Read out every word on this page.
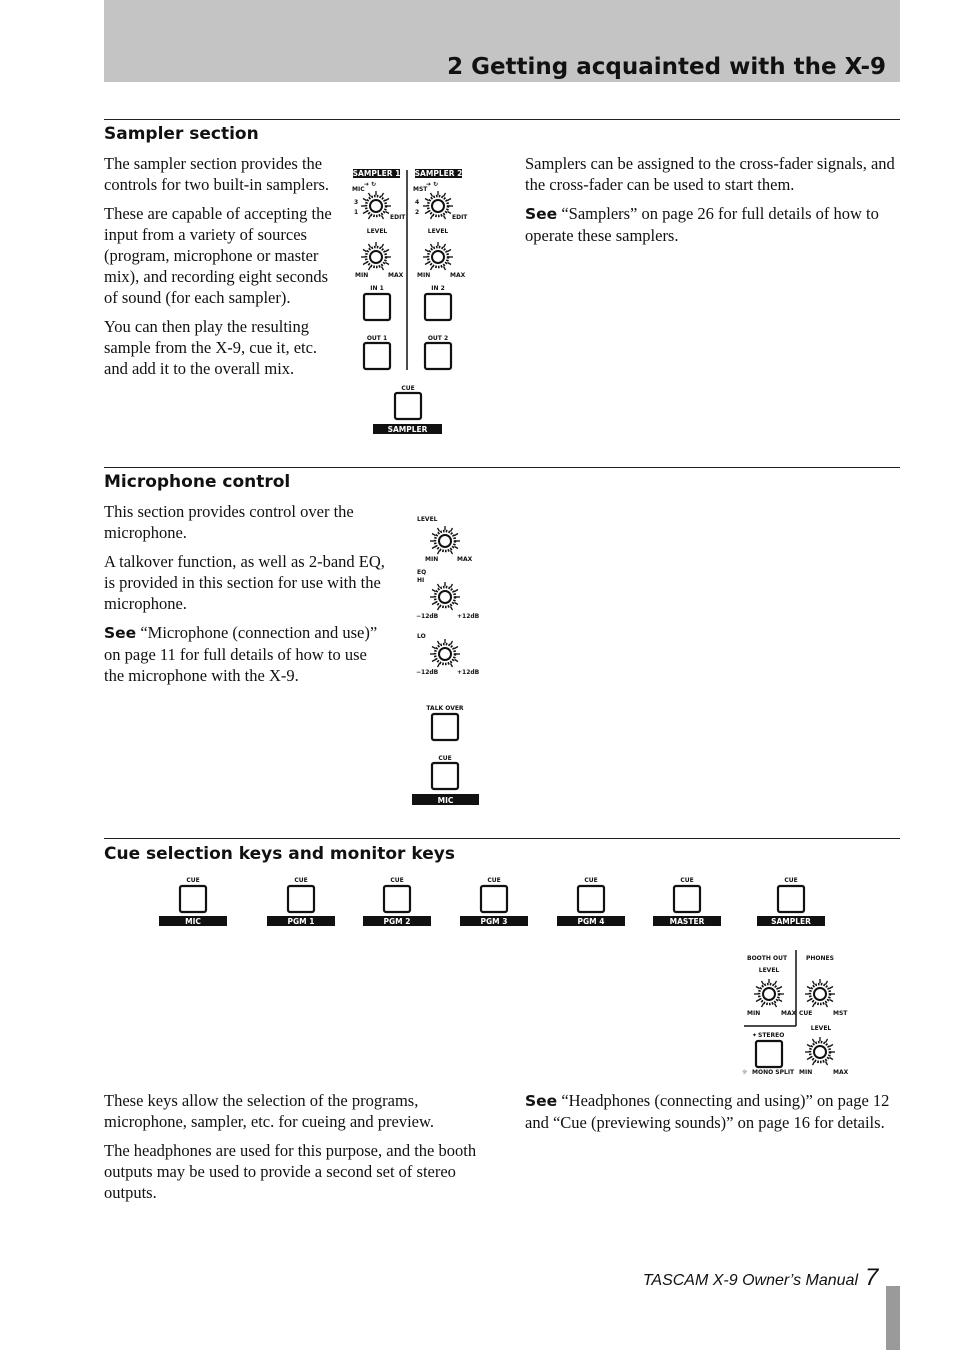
2 Getting acquainted with the X-9
Sampler section

The sampler section provides the controls for two built-in samplers.

These are capable of accepting the input from a variety of sources (program, microphone or master mix), and recording eight seconds of sound (for each sampler).

You can then play the resulting sample from the X-9, cue it, etc. and add it to the overall mix.

Samplers can be assigned to the cross-fader signals, and the cross-fader can be used to start them.

See “Samplers” on page 26 for full details of how to operate these samplers.

SAMPLER 1 SAMPLER 2
MIC
3
1
➔ ↻
EDIT
MST
4
2
➔ ↻
EDIT
LEVEL	LEVEL
MIN	MAX MIN	MAX
IN 1	IN 2
OUT 1	OUT 2
CUE
SAMPLER
Microphone control

This section provides control over the microphone.

A talkover function, as well as 2-band EQ, is provided in this section for use with the microphone.

See “Microphone (connection and use)” on page 11 for full details of how to use the microphone with the X-9.

LEVEL
MIN	MAX
EQ
HI
−12dB	+12dB
LO
−12dB	+12dB
TALK OVER
CUE
MIC
Cue selection keys and monitor keys
CUE
MIC
CUE
PGM 1
CUE
PGM 2
CUE
PGM 3
CUE
PGM 4
CUE
MASTER
CUE
SAMPLER
BOOTH OUT	PHONES
LEVEL
MIN	MAX CUE	MST
LEVEL
MIN	MAX
✦ STEREO
☼ MONO SPLIT

These keys allow the selection of the programs, microphone, sampler, etc. for cueing and preview.

The headphones are used for this purpose, and the booth outputs may be used to provide a second set of stereo outputs.

See “Headphones (connecting and using)” on page 12 and “Cue (previewing sounds)” on page 16 for details.

TASCAM X-9 Owner’s Manual 7
